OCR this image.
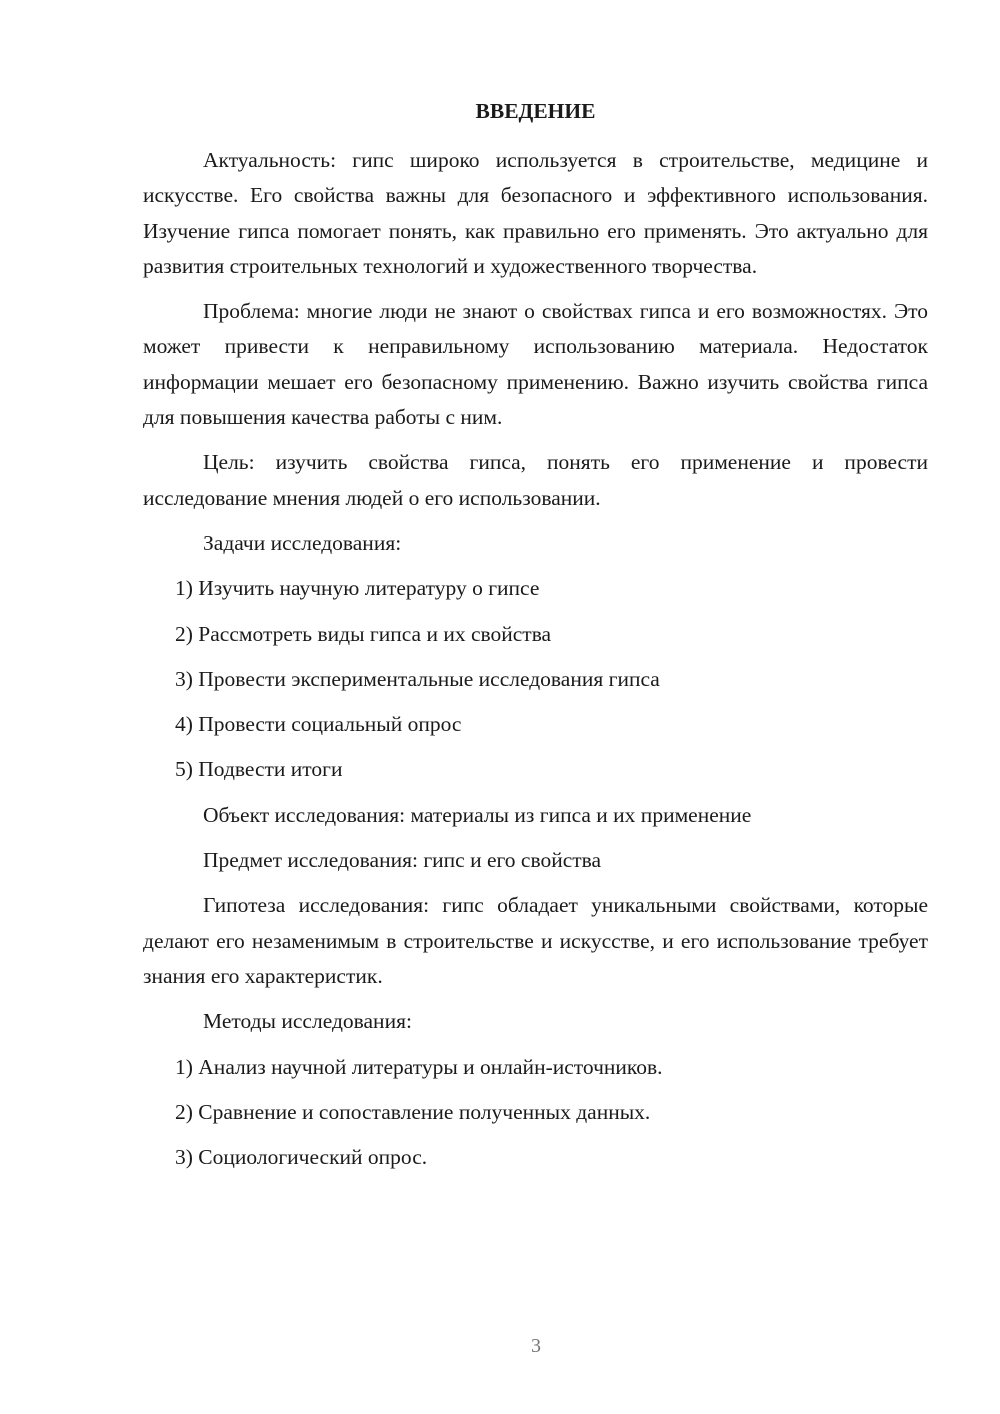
ВВЕДЕНИЕ

Актуальность: гипс широко используется в строительстве, медицине и искусстве. Его свойства важны для безопасного и эффективного использования. Изучение гипса помогает понять, как правильно его применять. Это актуально для развития строительных технологий и художественного творчества.

Проблема: многие люди не знают о свойствах гипса и его возможностях. Это может привести к неправильному использованию материала. Недостаток информации мешает его безопасному применению. Важно изучить свойства гипса для повышения качества работы с ним.

Цель: изучить свойства гипса, понять его применение и провести исследование мнения людей о его использовании.

Задачи исследования:
1) Изучить научную литературу о гипсе
2) Рассмотреть виды гипса и их свойства
3) Провести экспериментальные исследования гипса
4) Провести социальный опрос
5) Подвести итоги
Объект исследования: материалы из гипса и их применение
Предмет исследования: гипс и его свойства

Гипотеза исследования: гипс обладает уникальными свойствами, которые делают его незаменимым в строительстве и искусстве, и его использование требует знания его характеристик.

Методы исследования:
1) Анализ научной литературы и онлайн-источников.
2) Сравнение и сопоставление полученных данных.
3) Социологический опрос.
3
